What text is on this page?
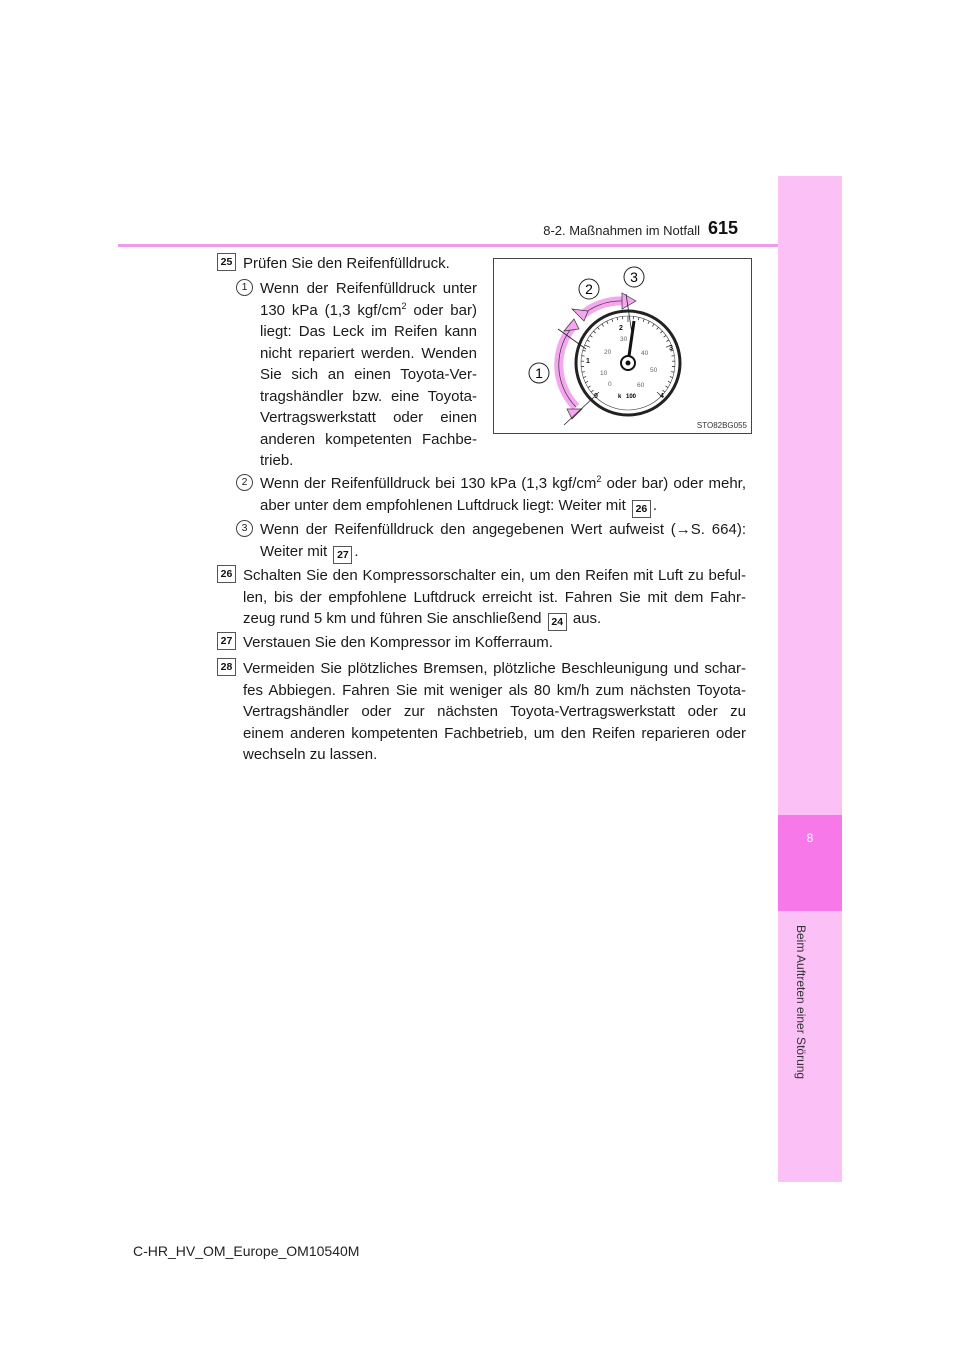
8-2. Maßnahmen im Notfall 615
8
Beim Auftreten einer Störung
25 Prüfen Sie den Reifenfülldruck.
1 Wenn der Reifenfülldruck unter
130 kPa (1,3 kgf/$cm^2$ oder bar)
liegt: Das Leck im Reifen kann
nicht repariert werden. Wenden
Sie sich an einen Toyota-Ver-
tragshändler bzw. eine Toyota-
Vertragswerkstatt oder einen
anderen kompetenten Fachbe-
trieb.
1
2
3
0
1
2
3
4
0
10
20
30
40
50
60
k 100
STO82BG055
2 Wenn der Reifenfülldruck bei 130 kPa (1,3 kgf/$cm^2$ oder bar) oder mehr,
aber unter dem empfohlenen Luftdruck liegt: Weiter mit 26 .
3 Wenn der Reifenfülldruck den angegebenen Wert aufweist (→S. 664):
Weiter mit 27 .
26 Schalten Sie den Kompressorschalter ein, um den Reifen mit Luft zu beful-
len, bis der empfohlene Luftdruck erreicht ist. Fahren Sie mit dem Fahr-
zeug rund 5 km und führen Sie anschließend 24 aus.
27 Verstauen Sie den Kompressor im Kofferraum.
28 Vermeiden Sie plötzliches Bremsen, plötzliche Beschleunigung und schar-
fes Abbiegen. Fahren Sie mit weniger als 80 km/h zum nächsten Toyota-
Vertragshändler oder zur nächsten Toyota-Vertragswerkstatt oder zu
einem anderen kompetenten Fachbetrieb, um den Reifen reparieren oder
wechseln zu lassen.
C-HR_HV_OM_Europe_OM10540M
